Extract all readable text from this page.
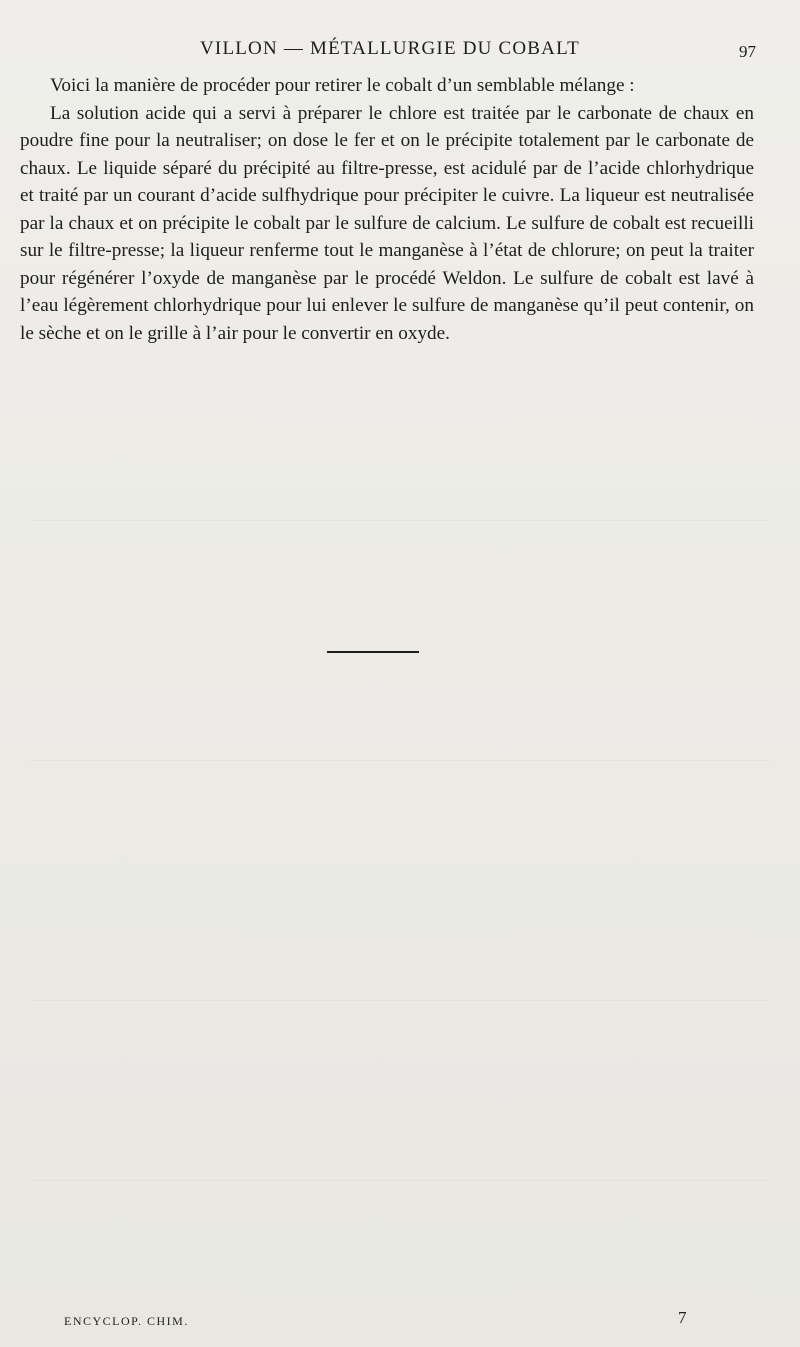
VILLON — MÉTALLURGIE DU COBALT	97

Voici la manière de procéder pour retirer le cobalt d’un semblable mélange :

La solution acide qui a servi à préparer le chlore est traitée par le carbonate de chaux en poudre fine pour la neutraliser; on dose le fer et on le précipite totalement par le carbonate de chaux. Le liquide séparé du précipité au filtre-presse, est acidulé par de l’acide chlorhydrique et traité par un courant d’acide sulfhydrique pour précipiter le cuivre. La liqueur est neutralisée par la chaux et on précipite le cobalt par le sulfure de calcium. Le sulfure de cobalt est recueilli sur le filtre-presse; la liqueur renferme tout le manganèse à l’état de chlorure; on peut la traiter pour régénérer l’oxyde de manganèse par le procédé Weldon. Le sulfure de cobalt est lavé à l’eau légèrement chlorhydrique pour lui enlever le sulfure de manganèse qu’il peut contenir, on le sèche et on le grille à l’air pour le convertir en oxyde.

ENCYCLOP. CHIM.	7
